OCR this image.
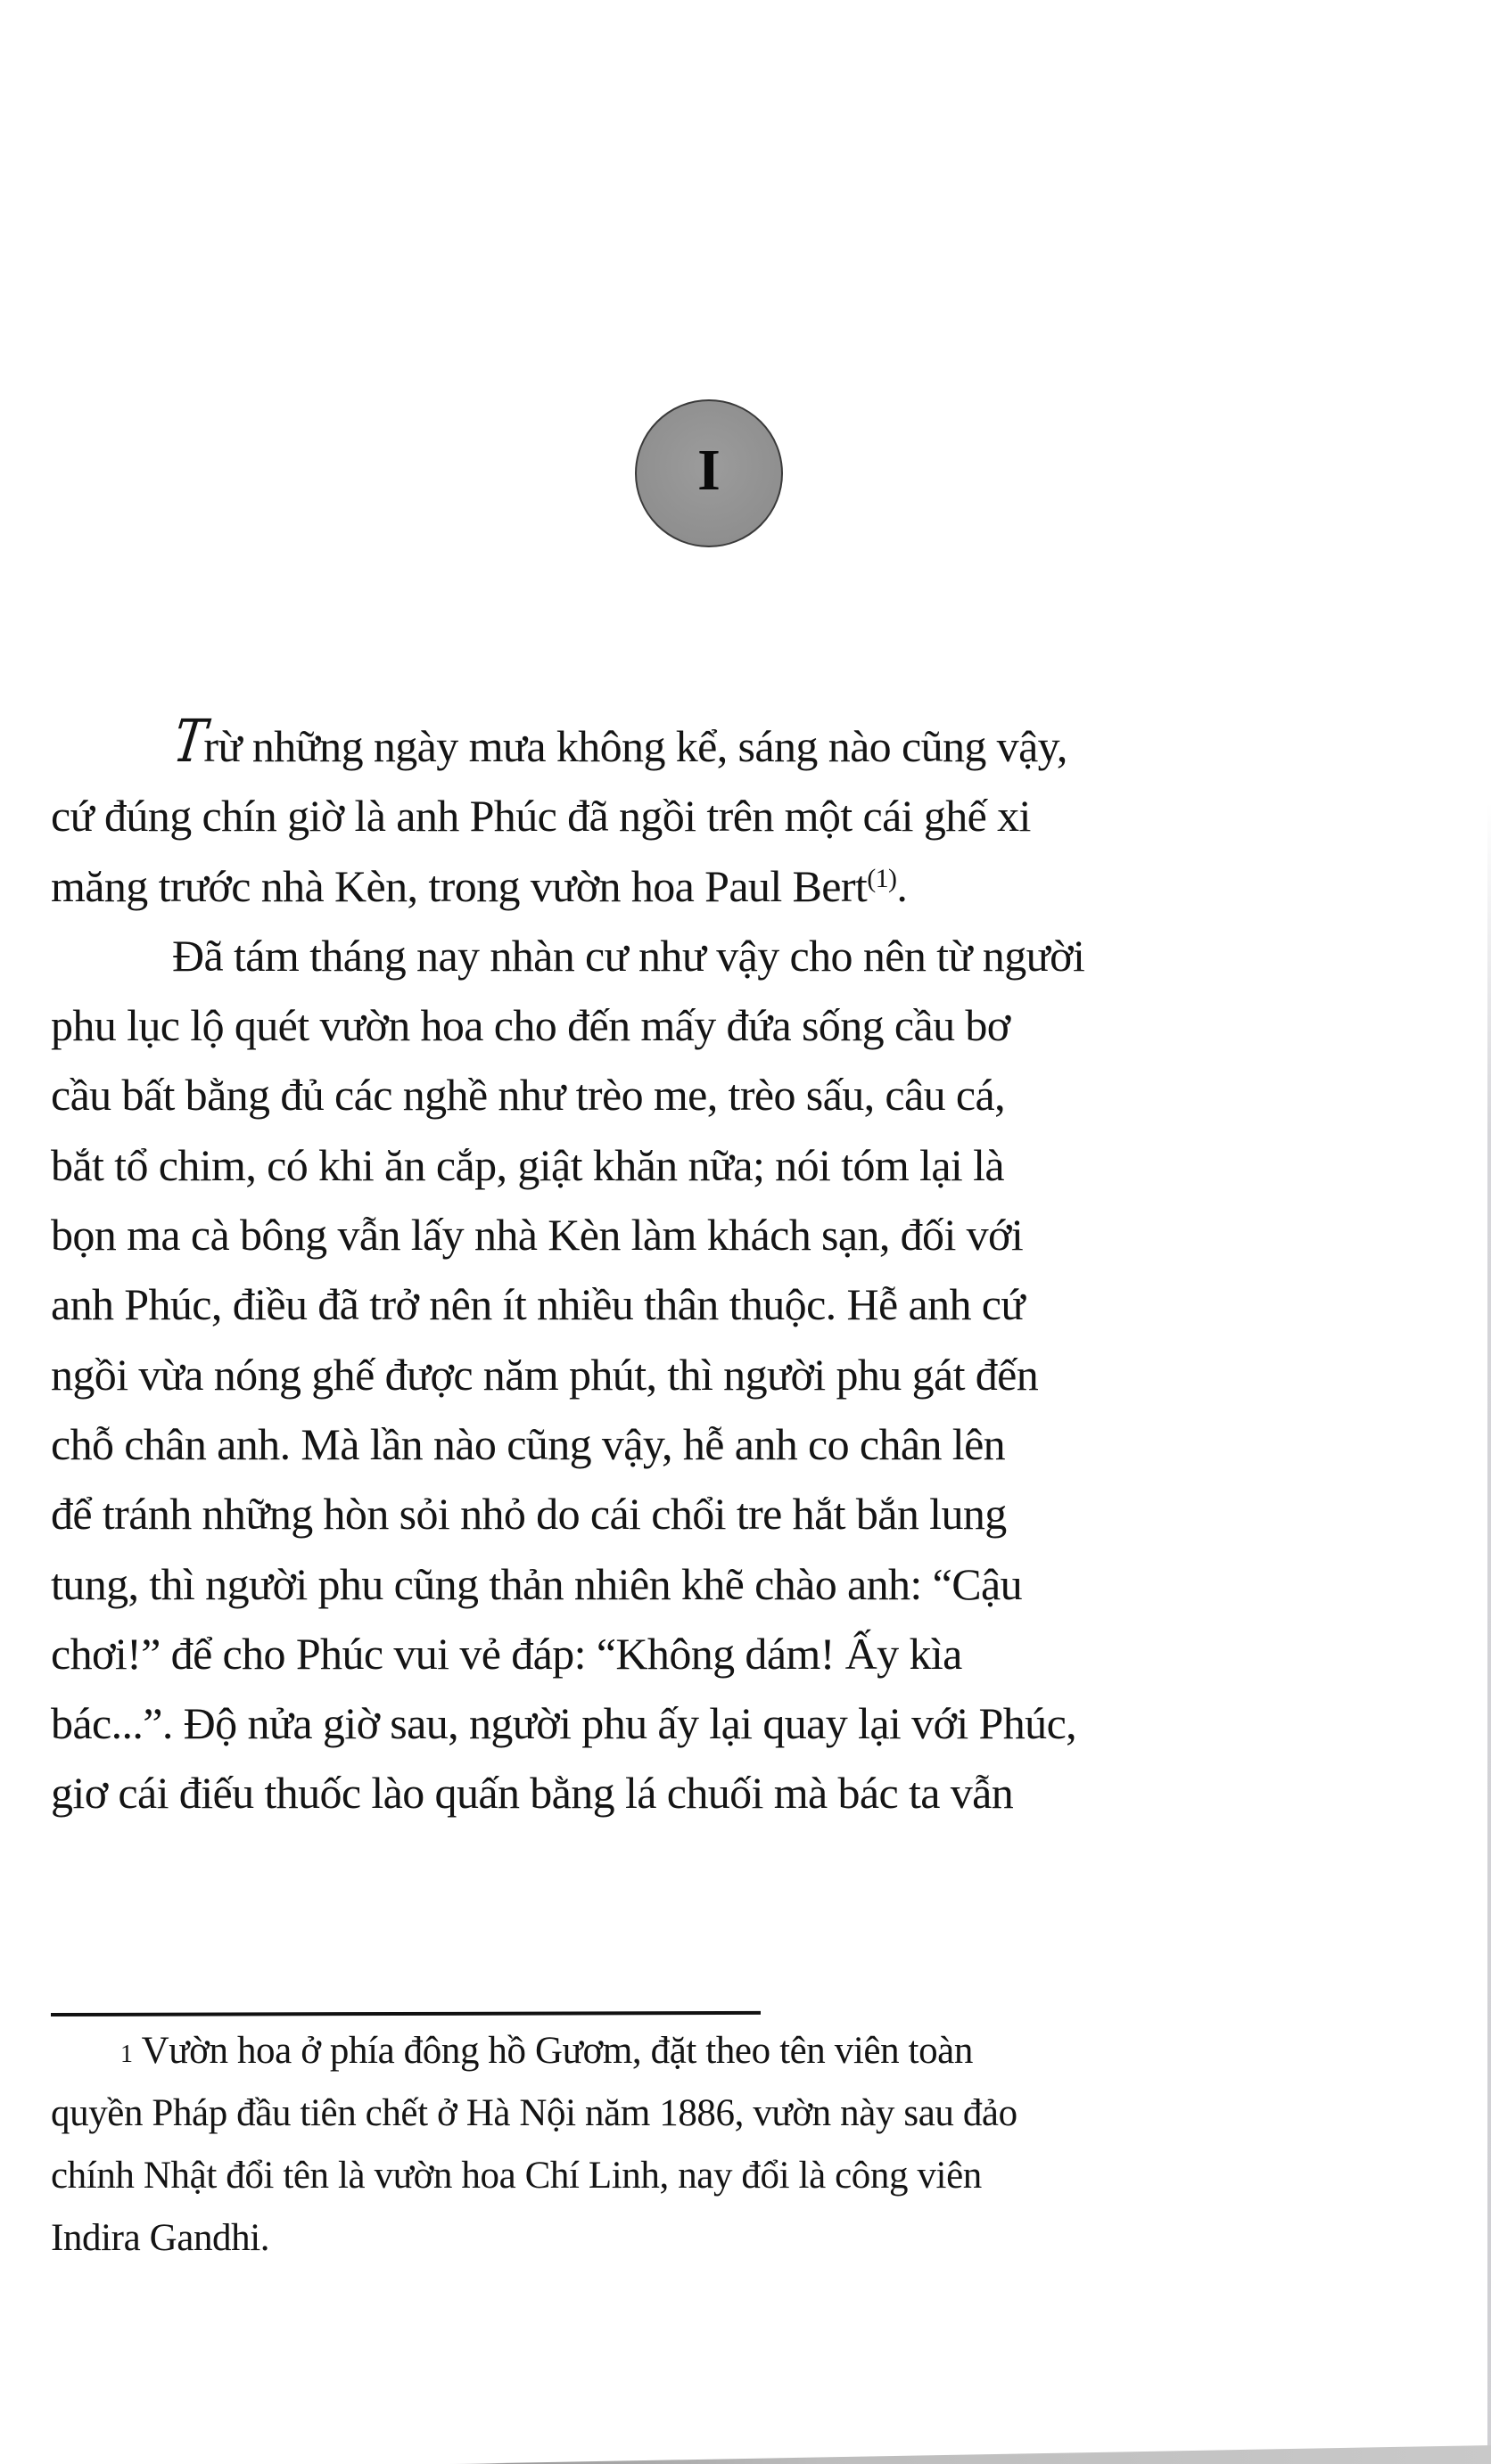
I
Trừ những ngày mưa không kể, sáng nào cũng vậy,
cứ đúng chín giờ là anh Phúc đã ngồi trên một cái ghế xi
măng trước nhà Kèn, trong vườn hoa Paul Bert$^{(1)}$ .
Đã tám tháng nay nhàn cư như vậy cho nên từ người
phu lục lộ quét vườn hoa cho đến mấy đứa sống cầu bơ
cầu bất bằng đủ các nghề như trèo me, trèo sấu, câu cá,
bắt tổ chim, có khi ăn cắp, giật khăn nữa; nói tóm lại là
bọn ma cà bông vẫn lấy nhà Kèn làm khách sạn, đối với
anh Phúc, điều đã trở nên ít nhiều thân thuộc. Hễ anh cứ
ngồi vừa nóng ghế được năm phút, thì người phu gát đến
chỗ chân anh. Mà lần nào cũng vậy, hễ anh co chân lên
để tránh những hòn sỏi nhỏ do cái chổi tre hắt bắn lung
tung, thì người phu cũng thản nhiên khẽ chào anh: “Cậu
chơi!” để cho Phúc vui vẻ đáp: “Không dám! Ấy kìa
bác...”. Độ nửa giờ sau, người phu ấy lại quay lại với Phúc,
giơ cái điếu thuốc lào quấn bằng lá chuối mà bác ta vẫn
$^1$ Vườn hoa ở phía đông hồ Gươm, đặt theo tên viên toàn
quyền Pháp đầu tiên chết ở Hà Nội năm 1886, vườn này sau đảo
chính Nhật đổi tên là vườn hoa Chí Linh, nay đổi là công viên
Indira Gandhi.
